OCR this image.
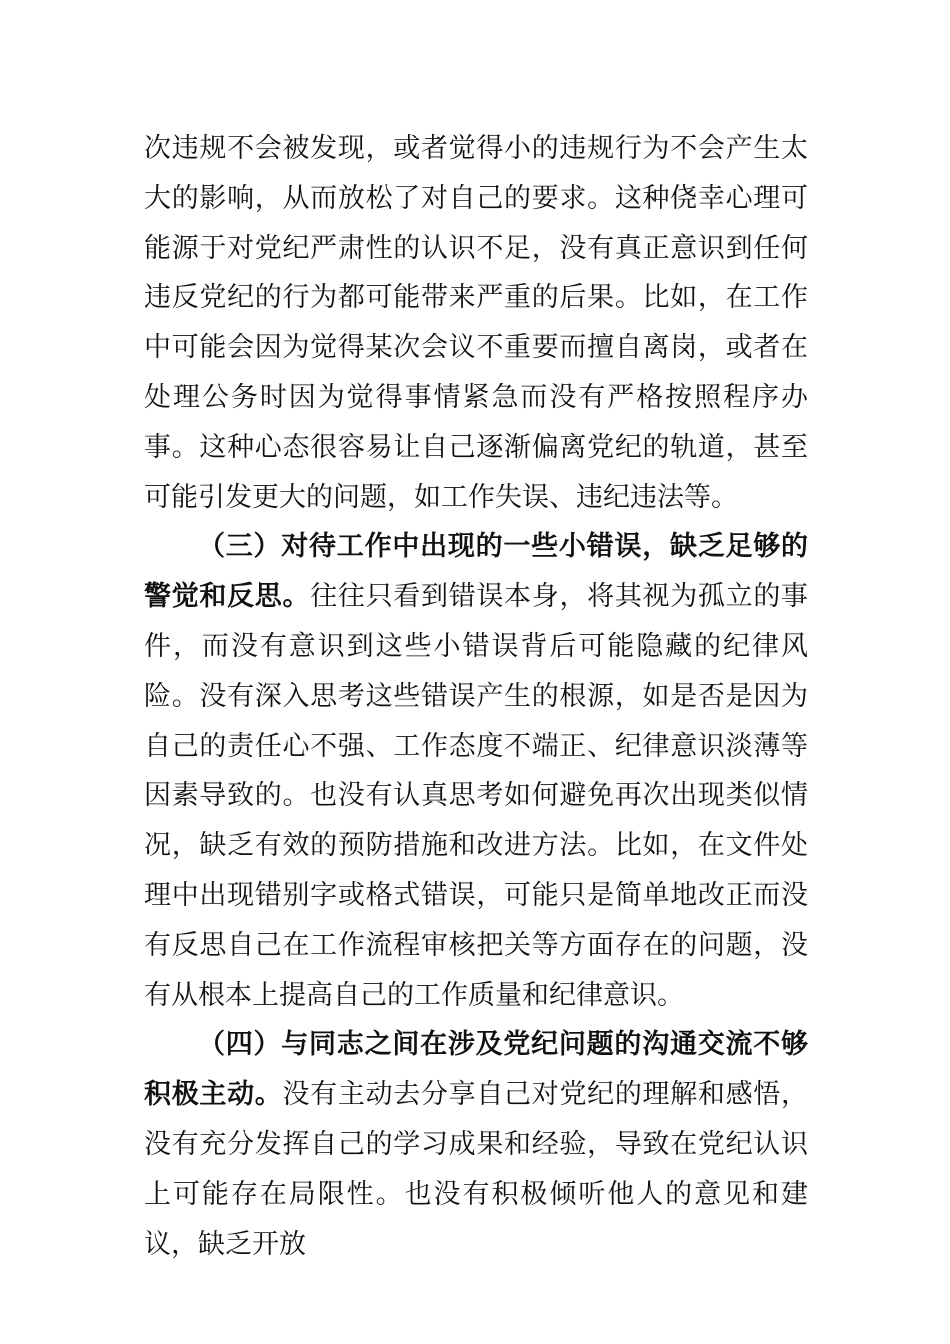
次违规不会被发现，或者觉得小的违规行为不会产生太大的影响，从而放松了对自己的要求。这种侥幸心理可能源于对党纪严肃性的认识不足，没有真正意识到任何违反党纪的行为都可能带来严重的后果。比如，在工作中可能会因为觉得某次会议不重要而擅自离岗，或者在处理公务时因为觉得事情紧急而没有严格按照程序办事。这种心态很容易让自己逐渐偏离党纪的轨道，甚至可能引发更大的问题，如工作失误、违纪违法等。

（三）对待工作中出现的一些小错误，缺乏足够的警觉和反思。往往只看到错误本身，将其视为孤立的事件，而没有意识到这些小错误背后可能隐藏的纪律风险。没有深入思考这些错误产生的根源，如是否是因为自己的责任心不强、工作态度不端正、纪律意识淡薄等因素导致的。也没有认真思考如何避免再次出现类似情况，缺乏有效的预防措施和改进方法。比如，在文件处理中出现错别字或格式错误，可能只是简单地改正而没有反思自己在工作流程审核把关等方面存在的问题，没有从根本上提高自己的工作质量和纪律意识。

（四）与同志之间在涉及党纪问题的沟通交流不够积极主动。没有主动去分享自己对党纪的理解和感悟，没有充分发挥自己的学习成果和经验，导致在党纪认识上可能存在局限性。也没有积极倾听他人的意见和建议，缺乏开放
